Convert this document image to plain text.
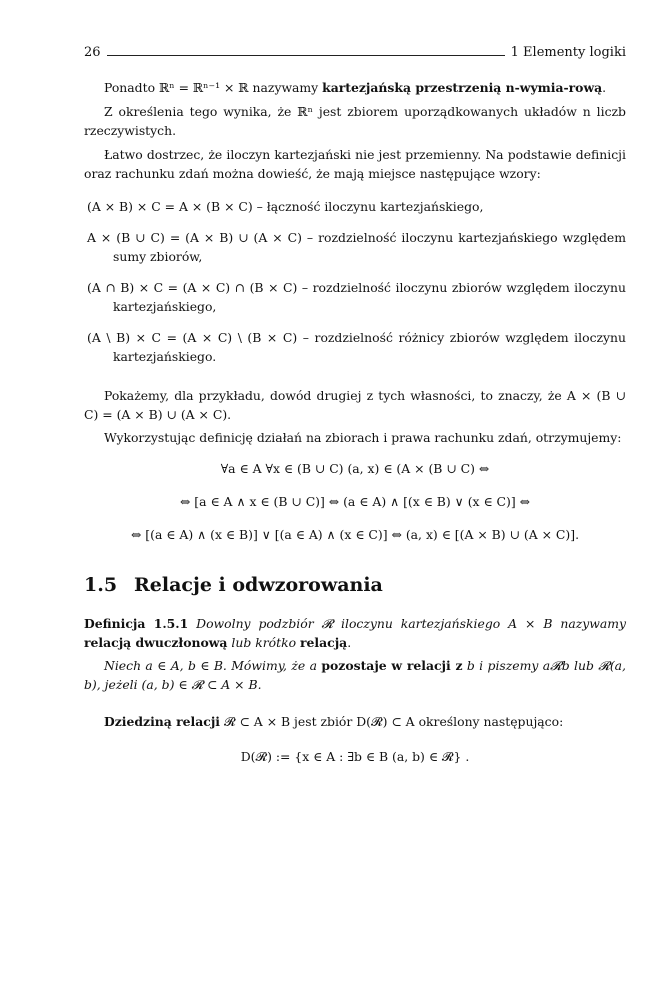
26	1 Elementy logiki

Ponadto ℝⁿ = ℝⁿ⁻¹ × ℝ nazywamy kartezjańską przestrzenią n-wymia-rową.

Z określenia tego wynika, że ℝⁿ jest zbiorem uporządkowanych układów n liczb rzeczywistych.

Łatwo dostrzec, że iloczyn kartezjański nie jest przemienny. Na podstawie definicji oraz rachunku zdań można dowieść, że mają miejsce następujące wzory:

(A × B) × C = A × (B × C) – łączność iloczynu kartezjańskiego,

A × (B ∪ C) = (A × B) ∪ (A × C) – rozdzielność iloczynu kartezjańskiego względem sumy zbiorów,

(A ∩ B) × C = (A × C) ∩ (B × C) – rozdzielność iloczynu zbiorów względem iloczynu kartezjańskiego,

(A \ B) × C = (A × C) \ (B × C) – rozdzielność różnicy zbiorów względem iloczynu kartezjańskiego.

Pokażemy, dla przykładu, dowód drugiej z tych własności, to znaczy, że A × (B ∪ C) = (A × B) ∪ (A × C).

Wykorzystując definicję działań na zbiorach i prawa rachunku zdań, otrzymujemy:

∀a ∈ A ∀x ∈ (B ∪ C) (a, x) ∈ (A × (B ∪ C) ⇔
⇔ [a ∈ A ∧ x ∈ (B ∪ C)] ⇔ (a ∈ A) ∧ [(x ∈ B) ∨ (x ∈ C)] ⇔
⇔ [(a ∈ A) ∧ (x ∈ B)] ∨ [(a ∈ A) ∧ (x ∈ C)] ⇔ (a, x) ∈ [(A × B) ∪ (A × C)].
1.5 Relacje i odwzorowania

Definicja 1.5.1 Dowolny podzbiór 𝓡 iloczynu kartezjańskiego A × B nazywamy relacją dwuczłonową lub krótko relacją.

Niech a ∈ A, b ∈ B. Mówimy, że a pozostaje w relacji z b i piszemy a𝓡b lub 𝓡(a, b), jeżeli (a, b) ∈ 𝓡 ⊂ A × B.

Dziedziną relacji 𝓡 ⊂ A × B jest zbiór D(𝓡) ⊂ A określony następująco:

D(𝓡) := {x ∈ A : ∃b ∈ B (a, b) ∈ 𝓡} .
